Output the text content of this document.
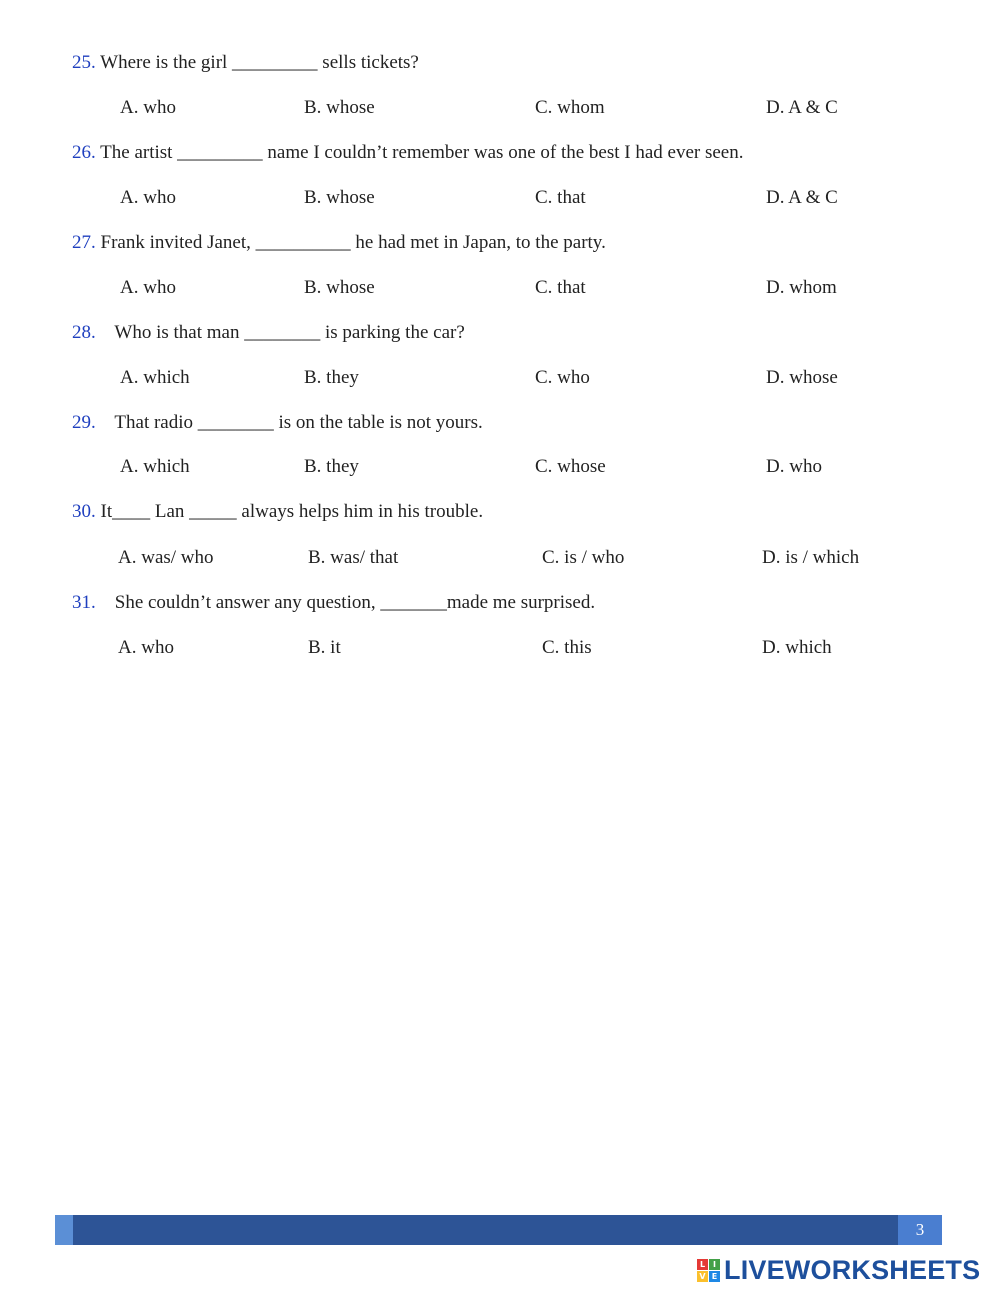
25. Where is the girl _________ sells tickets?

A. who

	B. whose

	C. whom

	D. A & C

26. The artist _________ name I couldn’t remember was one of the best I had ever seen.

A. who

	B. whose

	C. that

	D. A & C

27. Frank invited Janet, __________ he had met in Japan, to the party.

A. who

	B. whose

	C. that

	D. whom

28.    Who is that man ________ is parking the car?

A. which

	B. they

	C. who

	D. whose

29.    That radio ________ is on the table is not yours.

A. which

	B. they

	C. whose

	D. who

30. It____ Lan _____ always helps him in his trouble.

A. was/ who

	B. was/ that

	C. is / who

	D. is / which

31.    She couldn’t answer any question, _______made me surprised.

A. who

	B. it

	C. this

	D. which

3
L I
V E LIVEWORKSHEETS
